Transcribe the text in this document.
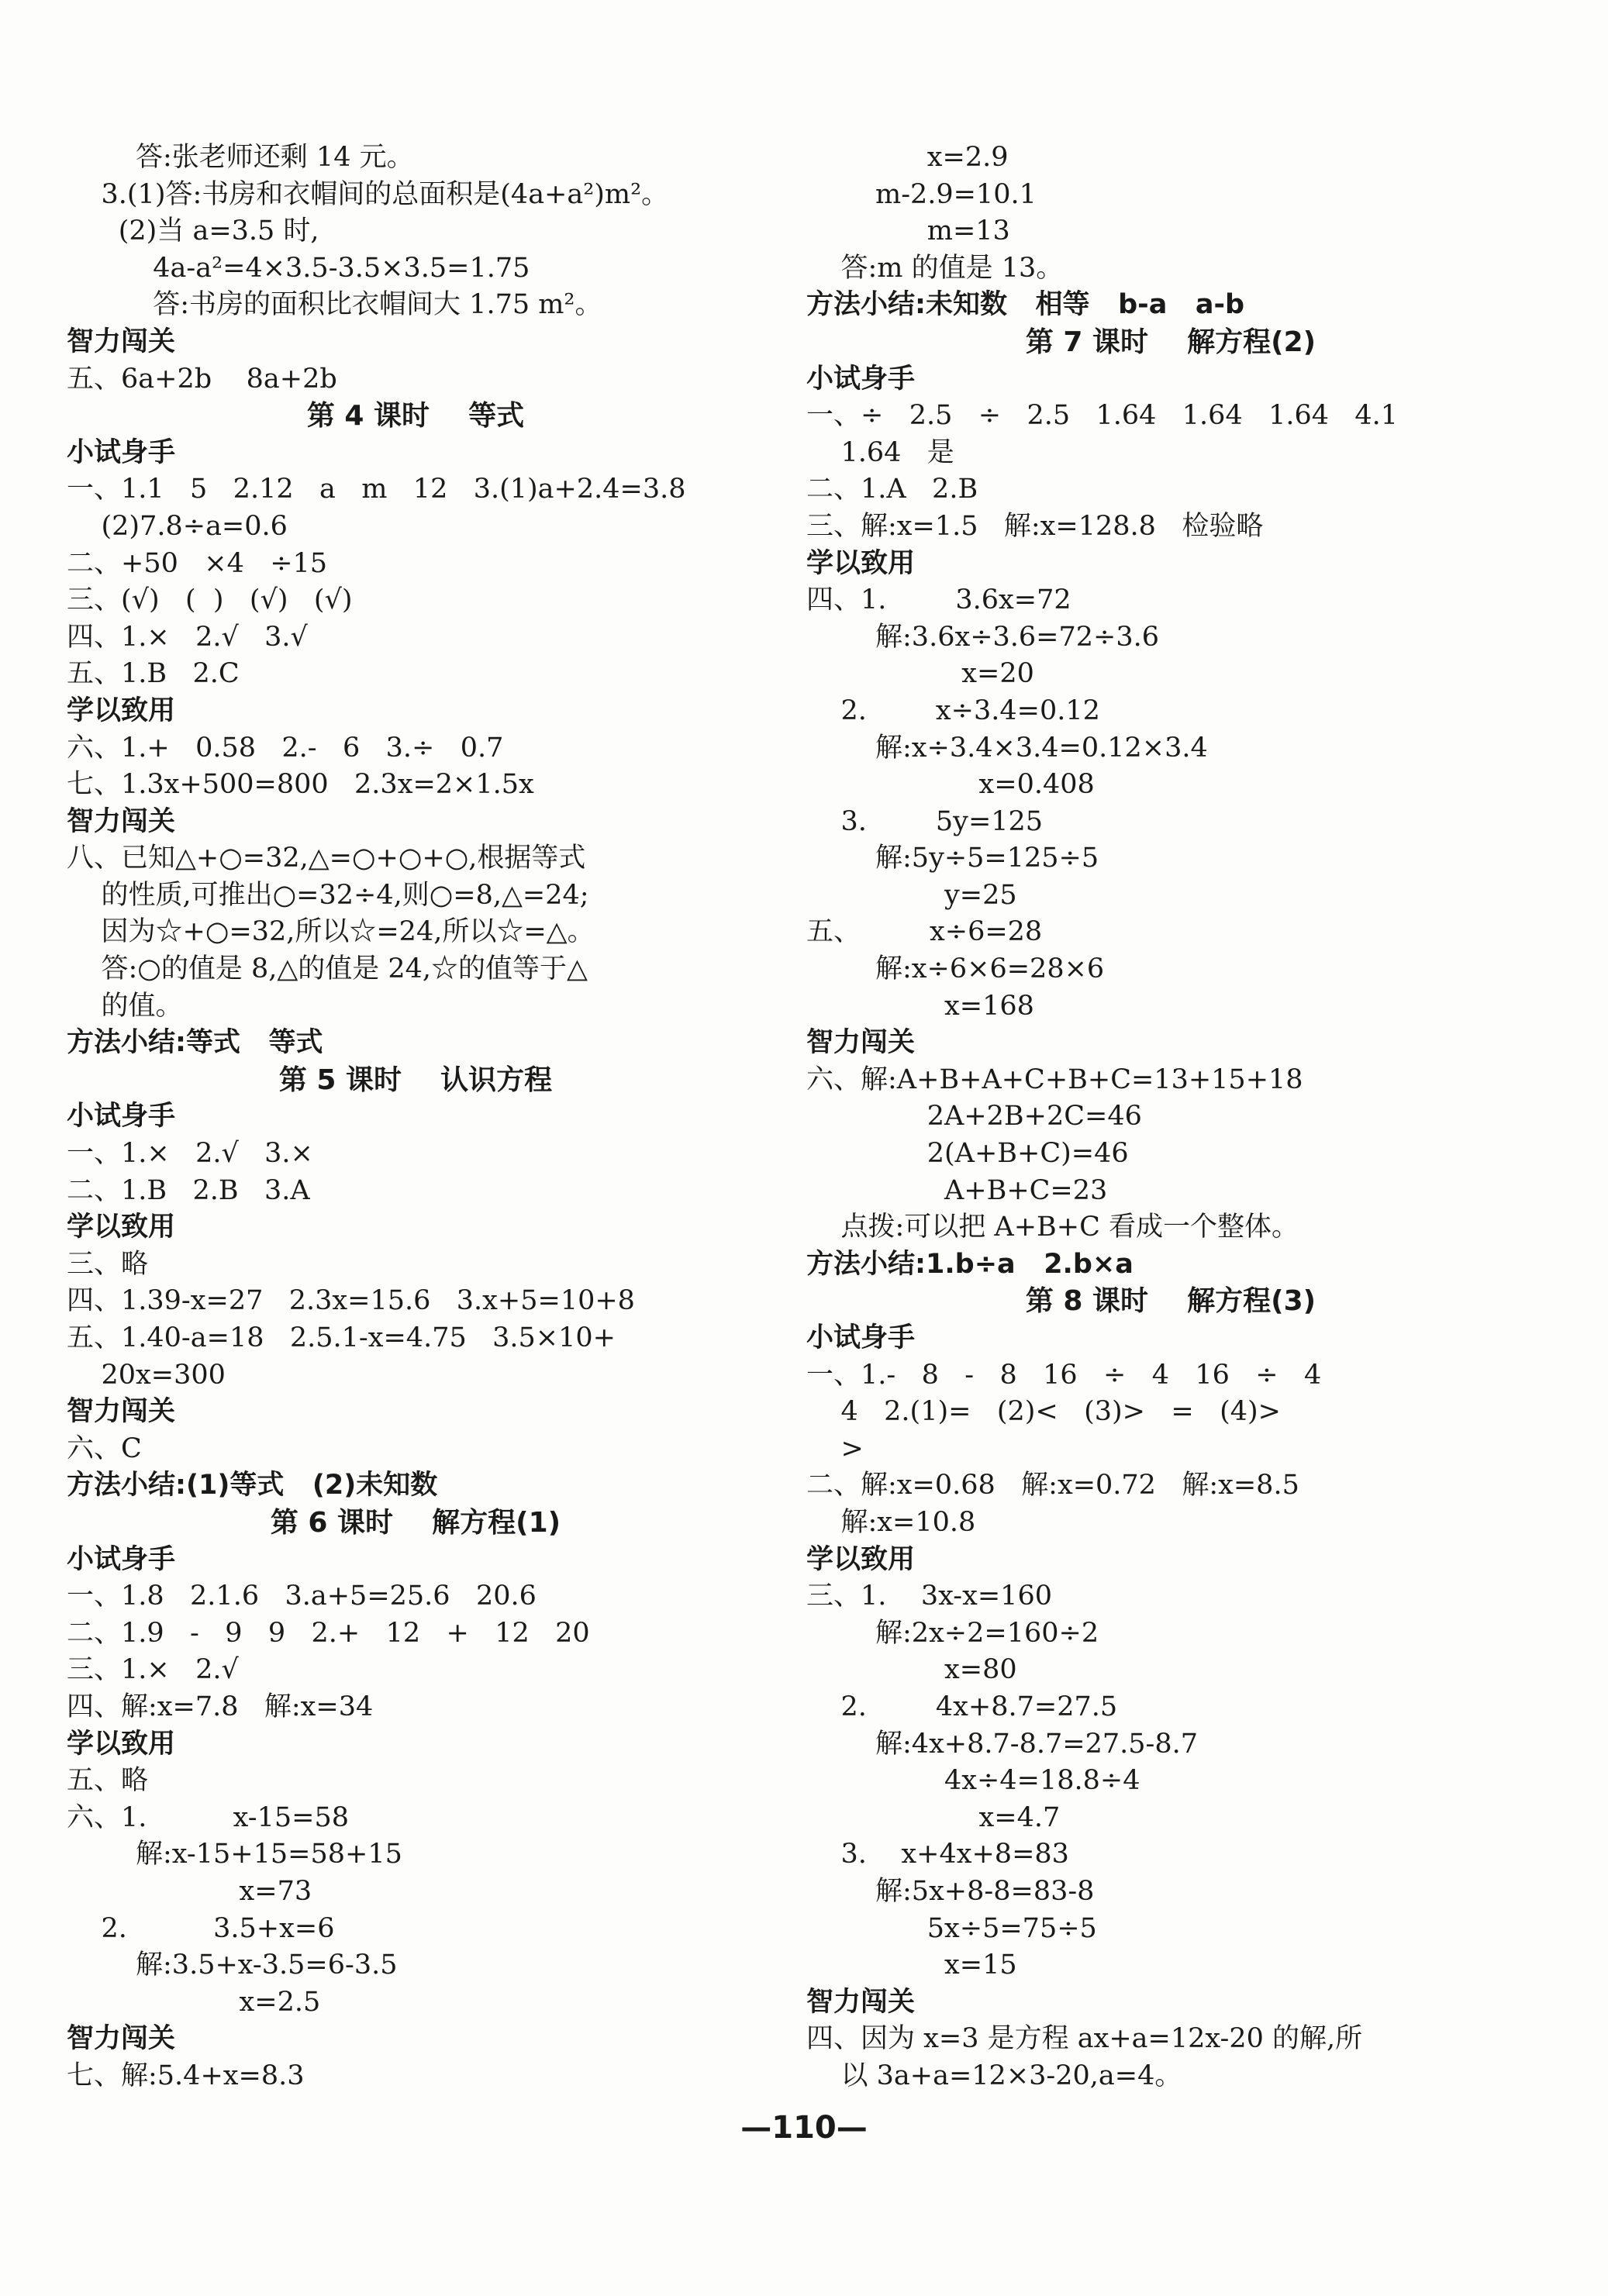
答:张老师还剩 14 元。
3.(1)答:书房和衣帽间的总面积是(4a+a²)m²。
(2)当 a=3.5 时,
4a-a²=4×3.5-3.5×3.5=1.75
答:书房的面积比衣帽间大 1.75 m²。
智力闯关
五、6a+2b    8a+2b
第 4 课时    等式
小试身手
一、1.1   5   2.12   a   m   12   3.(1)a+2.4=3.8
(2)7.8÷a=0.6
二、+50   ×4   ÷15
三、(√)   (  )   (√)   (√)
四、1.×   2.√   3.√
五、1.B   2.C
学以致用
六、1.+   0.58   2.-   6   3.÷   0.7
七、1.3x+500=800   2.3x=2×1.5x
智力闯关
八、已知△+○=32,△=○+○+○,根据等式
的性质,可推出○=32÷4,则○=8,△=24;
因为☆+○=32,所以☆=24,所以☆=△。
答:○的值是 8,△的值是 24,☆的值等于△
的值。
方法小结:等式   等式
第 5 课时    认识方程
小试身手
一、1.×   2.√   3.×
二、1.B   2.B   3.A
学以致用
三、略
四、1.39-x=27   2.3x=15.6   3.x+5=10+8
五、1.40-a=18   2.5.1-x=4.75   3.5×10+
20x=300
智力闯关
六、C
方法小结:(1)等式   (2)未知数
第 6 课时    解方程(1)
小试身手
一、1.8   2.1.6   3.a+5=25.6   20.6
二、1.9   -   9   9   2.+   12   +   12   20
三、1.×   2.√
四、解:x=7.8   解:x=34
学以致用
五、略
六、1.          x-15=58
解:x-15+15=58+15
x=73
2.          3.5+x=6
解:3.5+x-3.5=6-3.5
x=2.5
智力闯关
七、解:5.4+x=8.3
x=2.9
m-2.9=10.1
m=13
答:m 的值是 13。
方法小结:未知数   相等   b-a   a-b
第 7 课时    解方程(2)
小试身手
一、÷   2.5   ÷   2.5   1.64   1.64   1.64   4.1
1.64   是
二、1.A   2.B
三、解:x=1.5   解:x=128.8   检验略
学以致用
四、1.        3.6x=72
解:3.6x÷3.6=72÷3.6
x=20
2.        x÷3.4=0.12
解:x÷3.4×3.4=0.12×3.4
x=0.408
3.        5y=125
解:5y÷5=125÷5
y=25
五、        x÷6=28
解:x÷6×6=28×6
x=168
智力闯关
六、解:A+B+A+C+B+C=13+15+18
2A+2B+2C=46
2(A+B+C)=46
A+B+C=23
点拨:可以把 A+B+C 看成一个整体。
方法小结:1.b÷a   2.b×a
第 8 课时    解方程(3)
小试身手
一、1.-   8   -   8   16   ÷   4   16   ÷   4
4   2.(1)=   (2)<   (3)>   =   (4)>
>
二、解:x=0.68   解:x=0.72   解:x=8.5
解:x=10.8
学以致用
三、1.    3x-x=160
解:2x÷2=160÷2
x=80
2.        4x+8.7=27.5
解:4x+8.7-8.7=27.5-8.7
4x÷4=18.8÷4
x=4.7
3.    x+4x+8=83
解:5x+8-8=83-8
5x÷5=75÷5
x=15
智力闯关
四、因为 x=3 是方程 ax+a=12x-20 的解,所
以 3a+a=12×3-20,a=4。
—110—
